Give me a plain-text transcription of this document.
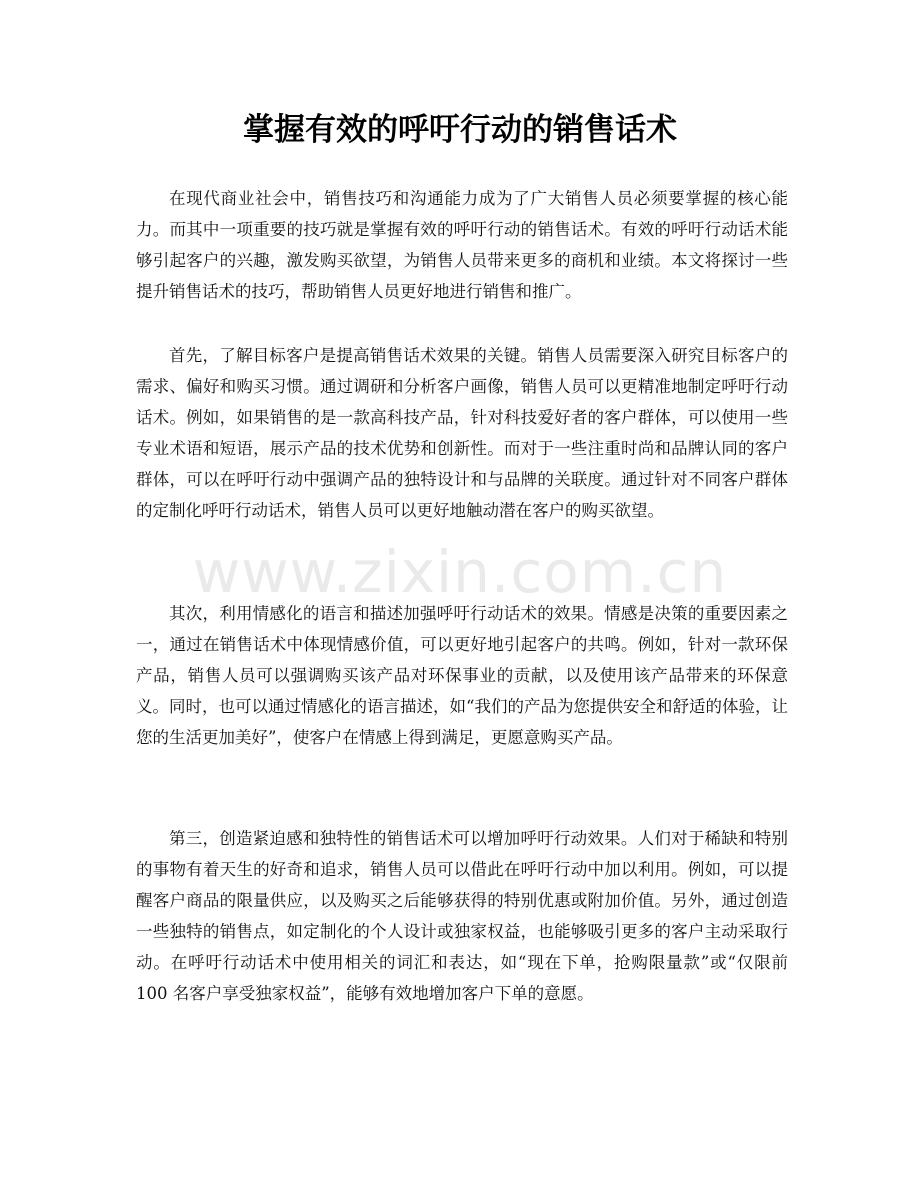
掌握有效的呼吁行动的销售话术

在现代商业社会中，销售技巧和沟通能力成为了广大销售人员必须要掌握的核心能力。而其中一项重要的技巧就是掌握有效的呼吁行动的销售话术。有效的呼吁行动话术能够引起客户的兴趣，激发购买欲望，为销售人员带来更多的商机和业绩。本文将探讨一些提升销售话术的技巧，帮助销售人员更好地进行销售和推广。

首先，了解目标客户是提高销售话术效果的关键。销售人员需要深入研究目标客户的需求、偏好和购买习惯。通过调研和分析客户画像，销售人员可以更精准地制定呼吁行动话术。例如，如果销售的是一款高科技产品，针对科技爱好者的客户群体，可以使用一些专业术语和短语，展示产品的技术优势和创新性。而对于一些注重时尚和品牌认同的客户群体，可以在呼吁行动中强调产品的独特设计和与品牌的关联度。通过针对不同客户群体的定制化呼吁行动话术，销售人员可以更好地触动潜在客户的购买欲望。

其次，利用情感化的语言和描述加强呼吁行动话术的效果。情感是决策的重要因素之一，通过在销售话术中体现情感价值，可以更好地引起客户的共鸣。例如，针对一款环保产品，销售人员可以强调购买该产品对环保事业的贡献，以及使用该产品带来的环保意义。同时，也可以通过情感化的语言描述，如“我们的产品为您提供安全和舒适的体验，让您的生活更加美好”，使客户在情感上得到满足，更愿意购买产品。

第三，创造紧迫感和独特性的销售话术可以增加呼吁行动效果。人们对于稀缺和特别的事物有着天生的好奇和追求，销售人员可以借此在呼吁行动中加以利用。例如，可以提醒客户商品的限量供应，以及购买之后能够获得的特别优惠或附加价值。另外，通过创造一些独特的销售点，如定制化的个人设计或独家权益，也能够吸引更多的客户主动采取行动。在呼吁行动话术中使用相关的词汇和表达，如“现在下单，抢购限量款”或“仅限前 100 名客户享受独家权益”，能够有效地增加客户下单的意愿。

www.zixin.com.cn
